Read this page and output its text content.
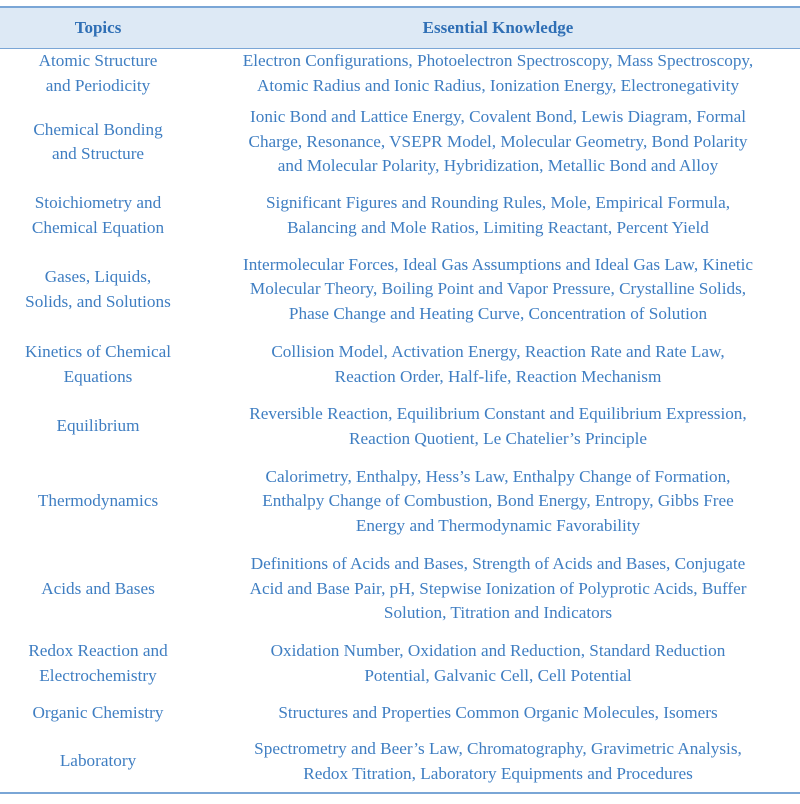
Topics	Essential Knowledge
Atomic Structure
and Periodicity	Electron Configurations, Photoelectron Spectroscopy, Mass Spectroscopy,
Atomic Radius and Ionic Radius, Ionization Energy, Electronegativity
Chemical Bonding
and Structure	Ionic Bond and Lattice Energy, Covalent Bond, Lewis Diagram, Formal
Charge, Resonance, VSEPR Model, Molecular Geometry, Bond Polarity
and Molecular Polarity, Hybridization, Metallic Bond and Alloy
Stoichiometry and
Chemical Equation	Significant Figures and Rounding Rules, Mole, Empirical Formula,
Balancing and Mole Ratios, Limiting Reactant, Percent Yield
Gases, Liquids,
Solids, and Solutions	Intermolecular Forces, Ideal Gas Assumptions and Ideal Gas Law, Kinetic
Molecular Theory, Boiling Point and Vapor Pressure, Crystalline Solids,
Phase Change and Heating Curve, Concentration of Solution
Kinetics of Chemical
Equations	Collision Model, Activation Energy, Reaction Rate and Rate Law,
Reaction Order, Half-life, Reaction Mechanism
Equilibrium	Reversible Reaction, Equilibrium Constant and Equilibrium Expression,
Reaction Quotient, Le Chatelier’s Principle
Thermodynamics	Calorimetry, Enthalpy, Hess’s Law, Enthalpy Change of Formation,
Enthalpy Change of Combustion, Bond Energy, Entropy, Gibbs Free
Energy and Thermodynamic Favorability
Acids and Bases	Definitions of Acids and Bases, Strength of Acids and Bases, Conjugate
Acid and Base Pair, pH, Stepwise Ionization of Polyprotic Acids, Buffer
Solution, Titration and Indicators
Redox Reaction and
Electrochemistry	Oxidation Number, Oxidation and Reduction, Standard Reduction
Potential, Galvanic Cell, Cell Potential
Organic Chemistry	Structures and Properties Common Organic Molecules, Isomers
Laboratory	Spectrometry and Beer’s Law, Chromatography, Gravimetric Analysis,
Redox Titration, Laboratory Equipments and Procedures
